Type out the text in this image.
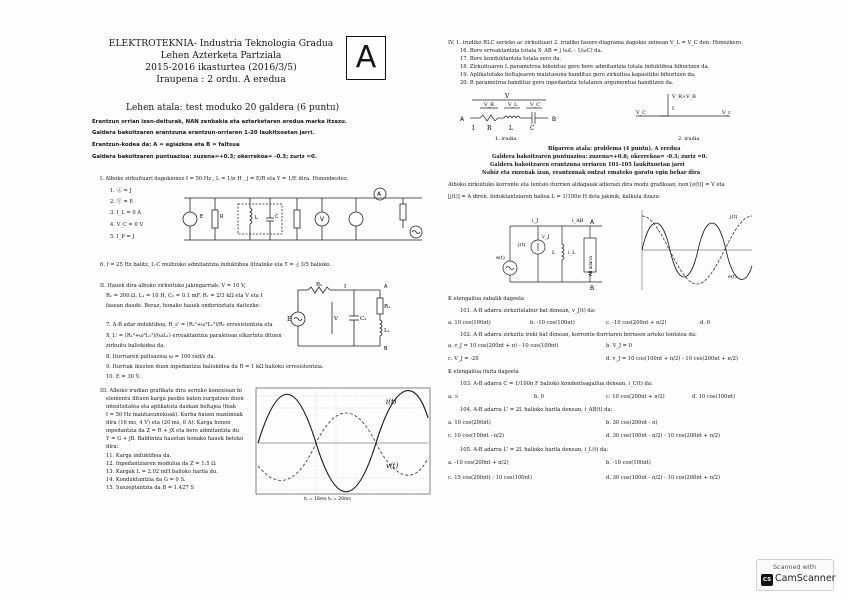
ELEKTROTEKNIA- Industria Teknologia Gradua
Lehen Azterketa Partziala
2015-2016 ikasturtea (2016/3/5)
Iraupena : 2 ordu. A eredua
A
Lehen atala: test moduko 20 galdera (6 puntu)
Erantzun orrian izen-deiturak, NAN zenbakia eta azterketaren eredua marka itzazu.
Galdera bakoitzaren erantzuna erantzun-orriaren 1-20 laukitxoetan jarri.
Erantzun-kodea da: A = egiazkoa eta B = faltsua
Galdera bakoitzaren puntuazioa: zuzena=+0.3; okerrekoa= -0.3; zuriz =0.
I. Alboko zirkuituari dagokionez f = 50 Hz , L = 1/π H , j = E/R eta Y = 1/E dira. Honenbestez,
1. Ⓐ = J
2. Ⓥ = E
3. I_L = 0 A
4. V_C = 0 V
5. I_P = J
6. f = 25 Hz balitz, L-C multzoko admitantzia induktiboa litzateke eta Y = -j 3/5 balioko.
V
A
L	C
E	R
II. Hauek dira alboko zirkuituko jakingarriak: V = 10 V,
R₁ = 300 Ω, L₁ = 10 H, C₂ = 0.1 mF, R₂ = 2/3 kΩ eta V eta I
fasean daude. Beraz, honako hauek ondorioztatu daitezke:
7. A-B adar induktiboa, R_s' = (R₁²+ω²L₁²)/R₁ erresistentzia eta
X_L' = (R₁²+ω²L₁²)/(ωL₁) erreaktantzia paraleloan elkartuta dituen
zirkuitu baliokidea da.
8. Iturriaren pultsazioa ω = 100 rad/s da.
9. Iturriak ikusten duen inpedantzia baliokidea da R = 1 kΩ balioko erresistentzia.
10. E = 30 V.
R₂
E	V	C₂
R₁
L₁
I	A
B
III. Alboko irudian grafikatu dira serieko konexioan bi
elementu dituen karga pasibo baten zurgatzen duen
intentsitatea eta aplikatuta daukan boltajea (biak
f = 50 Hz maiztasunekoak). Kurba hauen maximoak
dira (16 ms, 4 V) eta (20 ms, 6 A). Karga honen
inpedantzia da Z = R + jX eta bere admitantzia du
Y = G + jB. Baldintza hauetan honako hauek beteko
dira:
11. Karga induktiboa da.
12. Inpedantziaren modulua da Z = 1.5 Ω
13. Kargak L = 2.02 mH balioko harila du.
14. Konduktantzia da G = 0 S.
15. Suszeptantzia da B = 1.427 S
i(t)
v(t)
t₁ = 16ms t₂ = 20ms
IV. 1. irudiko RLC serieko ac zirkuituari 2. irudiko fasore-diagrama dagokio zeinean V_L = V_C den. Honezkero:
16. Bere erreaktantzia totala X_AB = j (ωL - 1/ωC) da.
17. Bere konduktantzia totala zero da.
18. Zirkuituaren L parametroa bikoiztuz gero bere admitantzia totala induktiboa bihurtzen da.
19. Aplikatutako boltajearen maiztasuna handituz gero zirkuitua kapasitibo bihurtzen da.
20. R parametroa handituz gero inpedantzia totalaren argumentua handitzen da.
A	B
V
V_R	V_L	V_C
I R	L	C
1. irudia
V_R+V_B
V_C	V_r
I
2. irudia
Bigarren atala: problema (4 puntu). A eredua
Galdera bakoitzaren puntuazioa: zuzena=+0.8; okerrekoa= -0.3; zuriz =0.
Galdera bakoitzaren erantzuna orriaren 101-105 laukitxoetan jarri
Nahiz eta zuzenak izan, erantzunak ontzat emateko garatu egin behar dira
Alboko zirkuituko korronte eta tentsio iturrien aldagaiak adierazi dira modu grafikoan, non [e(t)] = V eta
[j(t)] = A diren. Induktantziaren balioa L = 1/100π H dela jakinik, kalkula itzazu:
A
B
e(t)
j(t)
v_J
i_J
i_L
L
i_AB
AB adarra
j(t)
e(t)
K etengailua zabalik dagoela
101. A-B adarra zirkuitulabur bat denean, v_J(t) da:
a. 10 cos(100πt)	b. -10 cos(100πt)	c. -10 cos(200πt + π/2)	d. 0
102. A-B adarra zirkuitu ireki bat denean, korronte-iturriaren borneen arteko tentsioa da:
a. v_J = 10 cos(200πt + π) - 10 cos(100πt)	b. V_J = 0
c. V_J = -20	d. v_J = 10 cos(100πt + π/2) - 10 cos(200πt + π/2)
K etengailua itxita dagoela
103. A-B adarra C = 1/100π F balioko kondentsagailua denean, i_C(t) da:
a. ∞	b. 0	c. 10 cos(200πt + π/2)	d. 10 cos(100πt)
104. A-B adarra L' = 2L balioko harila denean, i_AB(t) da:
a. 10 cos(200πt)	b. 30 cos(200πt - π)
c. 10 cos(100πt - π/2)	d. 30 cos(100πt - π/2) - 10 cos(200πt + π/2)
105. A-B adarra L' = 2L balioko harila denean, i_L(t) da:
a. -10 cos(200πt + π/2)	b. -10 cos(100πt)
c. 15 cos(200πt) - 10 cos(100πt)	d. 30 cos(100πt - π/2) - 10 cos(200πt + π/2)
Scanned with
CS CamScanner
